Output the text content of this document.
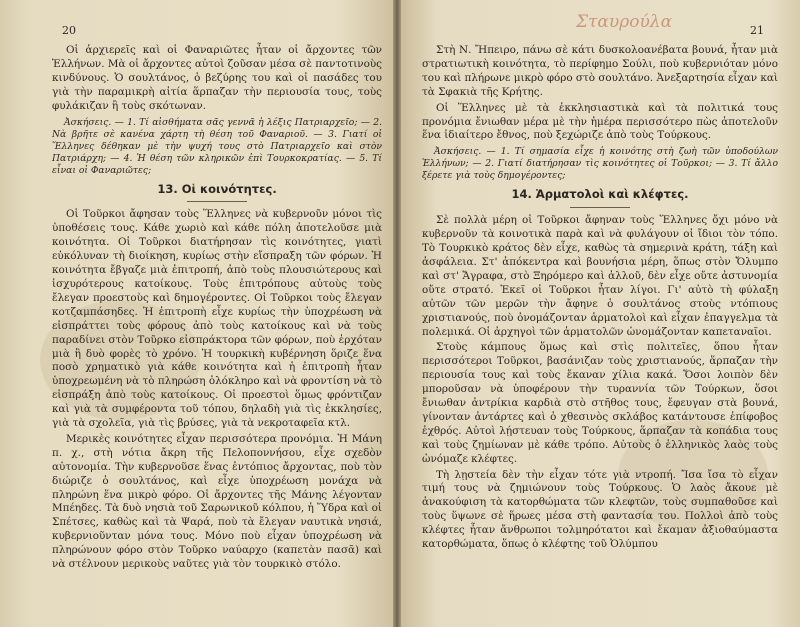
20

Οἱ ἀρχιερεῖς καὶ οἱ Φαναριῶτες ἦταν οἱ ἄρχοντες τῶν Ἑλλήνων. Μὰ οἱ ἄρχοντες αὐτοὶ ζοῦσαν μέσα σὲ παντοτινοὺς κινδύνους. Ὁ σουλτάνος, ὁ βεζύρης του καὶ οἱ πασάδες του γιὰ τὴν παραμικρὴ αἰτία ἅρπαζαν τὴν περιουσία τους, τοὺς φυλάκιζαν ἢ τοὺς σκότωναν.

Ἀσκήσεις. — 1. Τί αἰσθήματα σᾶς γεννᾶ ἡ λέξις Πατριαρχεῖο; — 2. Νὰ βρῆτε σὲ κανένα χάρτη τὴ θέση τοῦ Φαναριοῦ. — 3. Γιατί οἱ Ἕλληνες δέθηκαν μὲ τὴν ψυχή τους στὸ Πατριαρχεῖο καὶ στὸν Πατριάρχη; — 4. Ἡ θέση τῶν κληρικῶν ἐπὶ Τουρκοκρατίας. — 5. Τί εἶναι οἱ Φαναριῶτες;

13. Οἱ κοινότητες.

Οἱ Τοῦρκοι ἄφησαν τοὺς Ἕλληνες νὰ κυβερνοῦν μόνοι τὶς ὑποθέσεις τους. Κάθε χωριὸ καὶ κάθε πόλη ἀποτελοῦσε μιὰ κοινότητα. Οἱ Τοῦρκοι διατήρησαν τὶς κοινότητες, γιατὶ εὐκόλυναν τὴ διοίκηση, κυρίως στὴν εἴσπραξη τῶν φόρων. Ἡ κοινότητα ἔβγαζε μιὰ ἐπιτροπή, ἀπὸ τοὺς πλουσιώτερους καὶ ἰσχυρότερους κατοίκους. Τοὺς ἐπιτρόπους αὐτοὺς τοὺς ἔλεγαν προεστοὺς καὶ δημογέροντες. Οἱ Τοῦρκοι τοὺς ἔλεγαν κοτζαμπάσηδες. Ἡ ἐπιτροπὴ εἶχε κυρίως τὴν ὑποχρέωση νὰ εἰσπράττει τοὺς φόρους ἀπὸ τοὺς κατοίκους καὶ νὰ τοὺς παραδίνει στὸν Τοῦρκο εἰσπράκτορα τῶν φόρων, ποὺ ἐρχόταν μιὰ ἢ δυὸ φορὲς τὸ χρόνο. Ἡ τουρκικὴ κυβέρνηση ὅριζε ἕνα ποσὸ χρηματικὸ γιὰ κάθε κοινότητα καὶ ἡ ἐπιτροπὴ ἦταν ὑποχρεωμένη νὰ τὸ πληρώση ὁλόκληρο καὶ νὰ φροντίση νὰ τὸ εἰσπράξη ἀπὸ τοὺς κατοίκους. Οἱ προεστοὶ ὅμως φρόντιζαν καὶ γιὰ τὰ συμφέροντα τοῦ τόπου, δηλαδὴ γιὰ τὶς ἐκκλησίες, γιὰ τὰ σχολεῖα, γιὰ τὶς βρύσες, γιὰ τὰ νεκροταφεῖα κτλ.

Μερικὲς κοινότητες εἶχαν περισσότερα προνόμια. Ἡ Μάνη π. χ., στὴ νότια ἄκρη τῆς Πελοποννήσου, εἶχε σχεδὸν αὐτονομία. Τὴν κυβερνοῦσε ἕνας ἐντόπιος ἄρχοντας, ποὺ τὸν διώριζε ὁ σουλτάνος, καὶ εἶχε ὑποχρέωση μονάχα νὰ πληρώνη ἕνα μικρὸ φόρο. Οἱ ἄρχοντες τῆς Μάνης λέγονταν Μπέηδες. Τὰ δυὸ νησιὰ τοῦ Σαρωνικοῦ κόλπου, ἡ Ὕδρα καὶ οἱ Σπέτσες, καθὼς καὶ τὰ Ψαρά, ποὺ τὰ ἔλεγαν ναυτικὰ νησιά, κυβερνιοῦνταν μόνα τους. Μόνο ποὺ εἶχαν ὑποχρέωση νὰ πληρώνουν φόρο στὸν Τοῦρκο ναύαρχο (καπετὰν πασᾶ) καὶ νὰ στέλνουν μερικοὺς ναῦτες γιὰ τὸν τουρκικὸ στόλο.

Σταυρούλα	21

Στὴ Ν. Ἤπειρο, πάνω σὲ κάτι δυσκολοανέβατα βουνά, ἦταν μιὰ στρατιωτικὴ κοινότητα, τὸ περίφημο Σούλι, ποὺ κυβερνιόταν μόνο του καὶ πλήρωνε μικρὸ φόρο στὸ σουλτάνο. Ἀνεξαρτησία εἶχαν καὶ τὰ Σφακιὰ τῆς Κρήτης.

Οἱ Ἕλληνες μὲ τὰ ἐκκλησιαστικὰ καὶ τὰ πολιτικά τους προνόμια ἔνιωθαν μέρα μὲ τὴν ἡμέρα περισσότερο πὼς ἀποτελοῦν ἕνα ἰδιαίτερο ἔθνος, ποὺ ξεχώριζε ἀπὸ τοὺς Τούρκους.

Ἀσκήσεις. — 1. Τί σημασία εἶχε ἡ κοινότης στὴ ζωὴ τῶν ὑποδούλων Ἑλλήνων; — 2. Γιατί διατήρησαν τὶς κοινότητες οἱ Τοῦρκοι; — 3. Τί ἄλλο ξέρετε γιὰ τοὺς δημογέροντες;

14. Ἁρματολοὶ καὶ κλέφτες.

Σὲ πολλὰ μέρη οἱ Τοῦρκοι ἄφηναν τοὺς Ἕλληνες ὄχι μόνο νὰ κυβερνοῦν τὰ κοινοτικὰ παρὰ καὶ νὰ φυλάγουν οἱ ἴδιοι τὸν τόπο. Τὸ Τουρκικὸ κράτος δὲν εἶχε, καθὼς τὰ σημερινὰ κράτη, τάξη καὶ ἀσφάλεια. Στ' ἀπόκεντρα καὶ βουνήσια μέρη, ὅπως στὸν Ὄλυμπο καὶ στ' Ἄγραφα, στὸ Ξηρόμερο καὶ ἀλλοῦ, δὲν εἶχε οὔτε ἀστυνομία οὔτε στρατό. Ἐκεῖ οἱ Τοῦρκοι ἦταν λίγοι. Γι' αὐτὸ τὴ φύλαξη αὐτῶν τῶν μερῶν τὴν ἄφηνε ὁ σουλτάνος στοὺς ντόπιους χριστιανούς, ποὺ ὀνομάζονταν ἁρματολοὶ καὶ εἶχαν ἐπαγγελμα τὰ πολεμικά. Οἱ ἀρχηγοὶ τῶν ἁρματολῶν ὠνομάζονταν καπεταναῖοι.

Στοὺς κάμπους ὅμως καὶ στὶς πολιτεῖες, ὅπου ἦταν περισσότεροι Τοῦρκοι, βασάνιζαν τοὺς χριστιανούς, ἅρπαζαν τὴν περιουσία τους καὶ τοὺς ἔκαναν χίλια κακά. Ὅσοι λοιπὸν δὲν μποροῦσαν νὰ ὑποφέρουν τὴν τυραννία τῶν Τούρκων, ὅσοι ἔνιωθαν ἀντρίκια καρδιὰ στὸ στῆθος τους, ἔφευγαν στὰ βουνά, γίνονταν ἀντάρτες καὶ ὁ χθεσινὸς σκλάβος κατάντουσε ἐπίφοβος ἐχθρός. Αὐτοὶ λῄστευαν τοὺς Τούρκους, ἅρπαζαν τὰ κοπάδια τους καὶ τοὺς ζημίωναν μὲ κάθε τρόπο. Αὐτοὺς ὁ ἑλληνικὸς λαὸς τοὺς ὠνόμαζε κλέφτες.

Τὴ λῃστεία δὲν τὴν εἶχαν τότε γιὰ ντροπή. Ἴσα ἴσα τὸ εἶχαν τιμή τους νὰ ζημιώνουν τοὺς Τούρκους. Ὁ λαὸς ἄκουε μὲ ἀνακούφιση τὰ κατορθώματα τῶν κλεφτῶν, τοὺς συμπαθοῦσε καὶ τοὺς ὕψωνε σὲ ἥρωες μέσα στὴ φαντασία του. Πολλοὶ ἀπὸ τοὺς κλέφτες ἦταν ἄνθρωποι τολμηρότατοι καὶ ἔκαμαν ἀξιοθαύμαστα κατορθώματα, ὅπως ὁ κλέφτης τοῦ Ὀλύμπου
